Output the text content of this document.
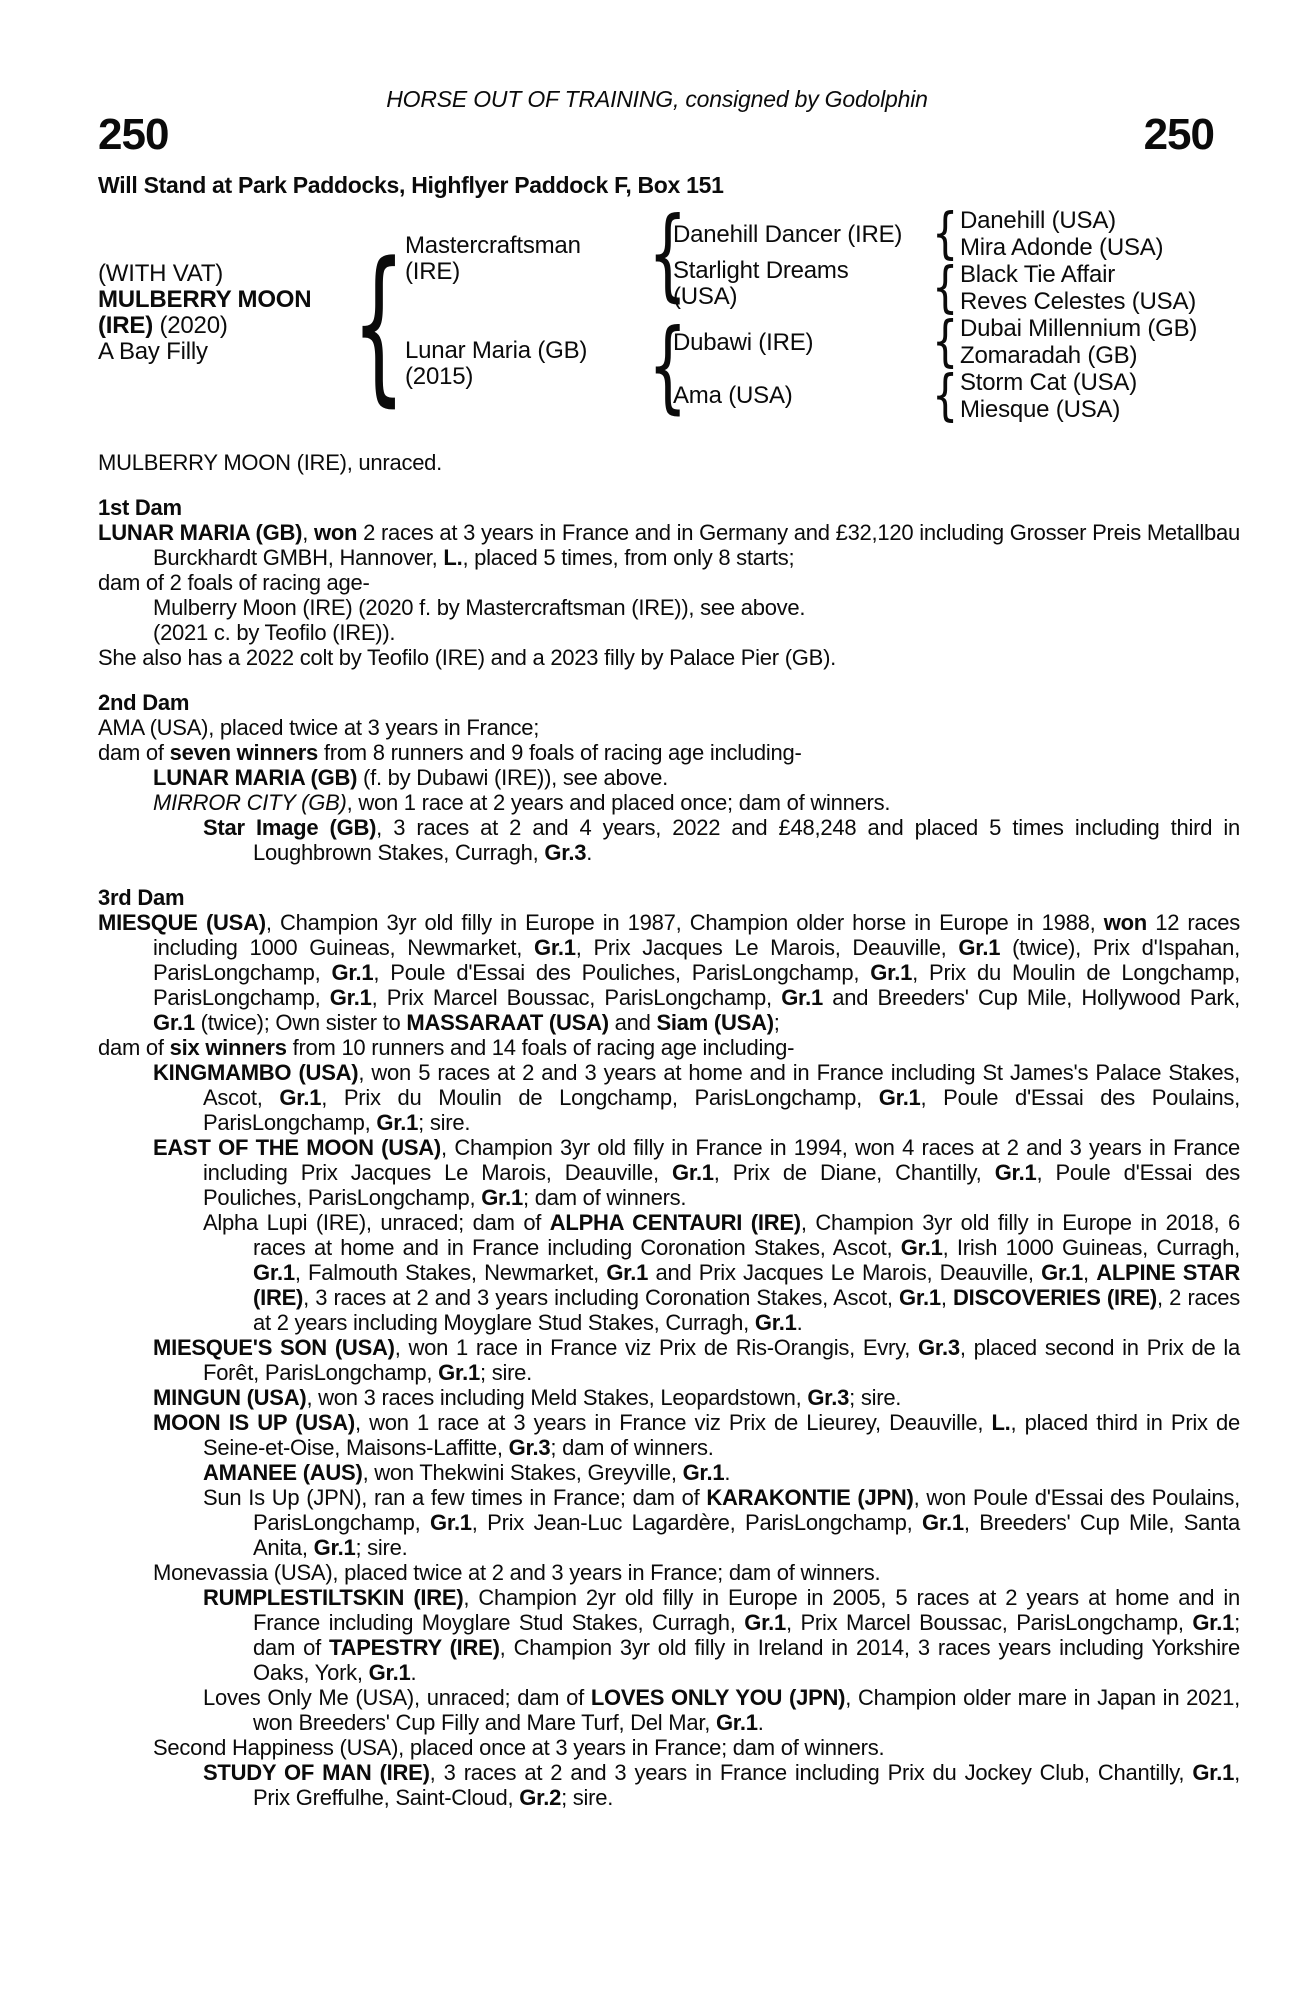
HORSE OUT OF TRAINING, consigned by Godolphin
250	250
Will Stand at Park Paddocks, Highflyer Paddock F, Box 151
(WITH VAT)
MULBERRY MOON
(IRE) (2020)
A Bay Filly
{
{
{
{
{
{
{
Mastercraftsman (IRE)
Lunar Maria (GB) (2015)
Danehill Dancer (IRE)
Starlight Dreams (USA)
Dubawi (IRE)
Ama (USA)
Danehill (USA)
Mira Adonde (USA)
Black Tie Affair
Reves Celestes (USA)
Dubai Millennium (GB)
Zomaradah (GB)
Storm Cat (USA)
Miesque (USA)
MULBERRY MOON (IRE), unraced.
1st Dam
LUNAR MARIA (GB), won 2 races at 3 years in France and in Germany and £32,120 including Grosser Preis Metallbau Burckhardt GMBH, Hannover, L., placed 5 times, from only 8 starts;
dam of 2 foals of racing age-
Mulberry Moon (IRE) (2020 f. by Mastercraftsman (IRE)), see above.
(2021 c. by Teofilo (IRE)).
She also has a 2022 colt by Teofilo (IRE) and a 2023 filly by Palace Pier (GB).
2nd Dam
AMA (USA), placed twice at 3 years in France;
dam of seven winners from 8 runners and 9 foals of racing age including-
LUNAR MARIA (GB) (f. by Dubawi (IRE)), see above.
MIRROR CITY (GB), won 1 race at 2 years and placed once; dam of winners.
Star Image (GB), 3 races at 2 and 4 years, 2022 and £48,248 and placed 5 times including third in Loughbrown Stakes, Curragh, Gr.3.
3rd Dam
MIESQUE (USA), Champion 3yr old filly in Europe in 1987, Champion older horse in Europe in 1988, won 12 races including 1000 Guineas, Newmarket, Gr.1, Prix Jacques Le Marois, Deauville, Gr.1 (twice), Prix d'Ispahan, ParisLongchamp, Gr.1, Poule d'Essai des Pouliches, ParisLongchamp, Gr.1, Prix du Moulin de Longchamp, ParisLongchamp, Gr.1, Prix Marcel Boussac, ParisLongchamp, Gr.1 and Breeders' Cup Mile, Hollywood Park, Gr.1 (twice); Own sister to MASSARAAT (USA) and Siam (USA);
dam of six winners from 10 runners and 14 foals of racing age including-
KINGMAMBO (USA), won 5 races at 2 and 3 years at home and in France including St James's Palace Stakes, Ascot, Gr.1, Prix du Moulin de Longchamp, ParisLongchamp, Gr.1, Poule d'Essai des Poulains, ParisLongchamp, Gr.1; sire.
EAST OF THE MOON (USA), Champion 3yr old filly in France in 1994, won 4 races at 2 and 3 years in France including Prix Jacques Le Marois, Deauville, Gr.1, Prix de Diane, Chantilly, Gr.1, Poule d'Essai des Pouliches, ParisLongchamp, Gr.1; dam of winners.
Alpha Lupi (IRE), unraced; dam of ALPHA CENTAURI (IRE), Champion 3yr old filly in Europe in 2018, 6 races at home and in France including Coronation Stakes, Ascot, Gr.1, Irish 1000 Guineas, Curragh, Gr.1, Falmouth Stakes, Newmarket, Gr.1 and Prix Jacques Le Marois, Deauville, Gr.1, ALPINE STAR (IRE), 3 races at 2 and 3 years including Coronation Stakes, Ascot, Gr.1, DISCOVERIES (IRE), 2 races at 2 years including Moyglare Stud Stakes, Curragh, Gr.1.
MIESQUE'S SON (USA), won 1 race in France viz Prix de Ris-Orangis, Evry, Gr.3, placed second in Prix de la Forêt, ParisLongchamp, Gr.1; sire.
MINGUN (USA), won 3 races including Meld Stakes, Leopardstown, Gr.3; sire.
MOON IS UP (USA), won 1 race at 3 years in France viz Prix de Lieurey, Deauville, L., placed third in Prix de Seine-et-Oise, Maisons-Laffitte, Gr.3; dam of winners.
AMANEE (AUS), won Thekwini Stakes, Greyville, Gr.1.
Sun Is Up (JPN), ran a few times in France; dam of KARAKONTIE (JPN), won Poule d'Essai des Poulains, ParisLongchamp, Gr.1, Prix Jean-Luc Lagardère, ParisLongchamp, Gr.1, Breeders' Cup Mile, Santa Anita, Gr.1; sire.
Monevassia (USA), placed twice at 2 and 3 years in France; dam of winners.
RUMPLESTILTSKIN (IRE), Champion 2yr old filly in Europe in 2005, 5 races at 2 years at home and in France including Moyglare Stud Stakes, Curragh, Gr.1, Prix Marcel Boussac, ParisLongchamp, Gr.1; dam of TAPESTRY (IRE), Champion 3yr old filly in Ireland in 2014, 3 races years including Yorkshire Oaks, York, Gr.1.
Loves Only Me (USA), unraced; dam of LOVES ONLY YOU (JPN), Champion older mare in Japan in 2021, won Breeders' Cup Filly and Mare Turf, Del Mar, Gr.1.
Second Happiness (USA), placed once at 3 years in France; dam of winners.
STUDY OF MAN (IRE), 3 races at 2 and 3 years in France including Prix du Jockey Club, Chantilly, Gr.1, Prix Greffulhe, Saint-Cloud, Gr.2; sire.
